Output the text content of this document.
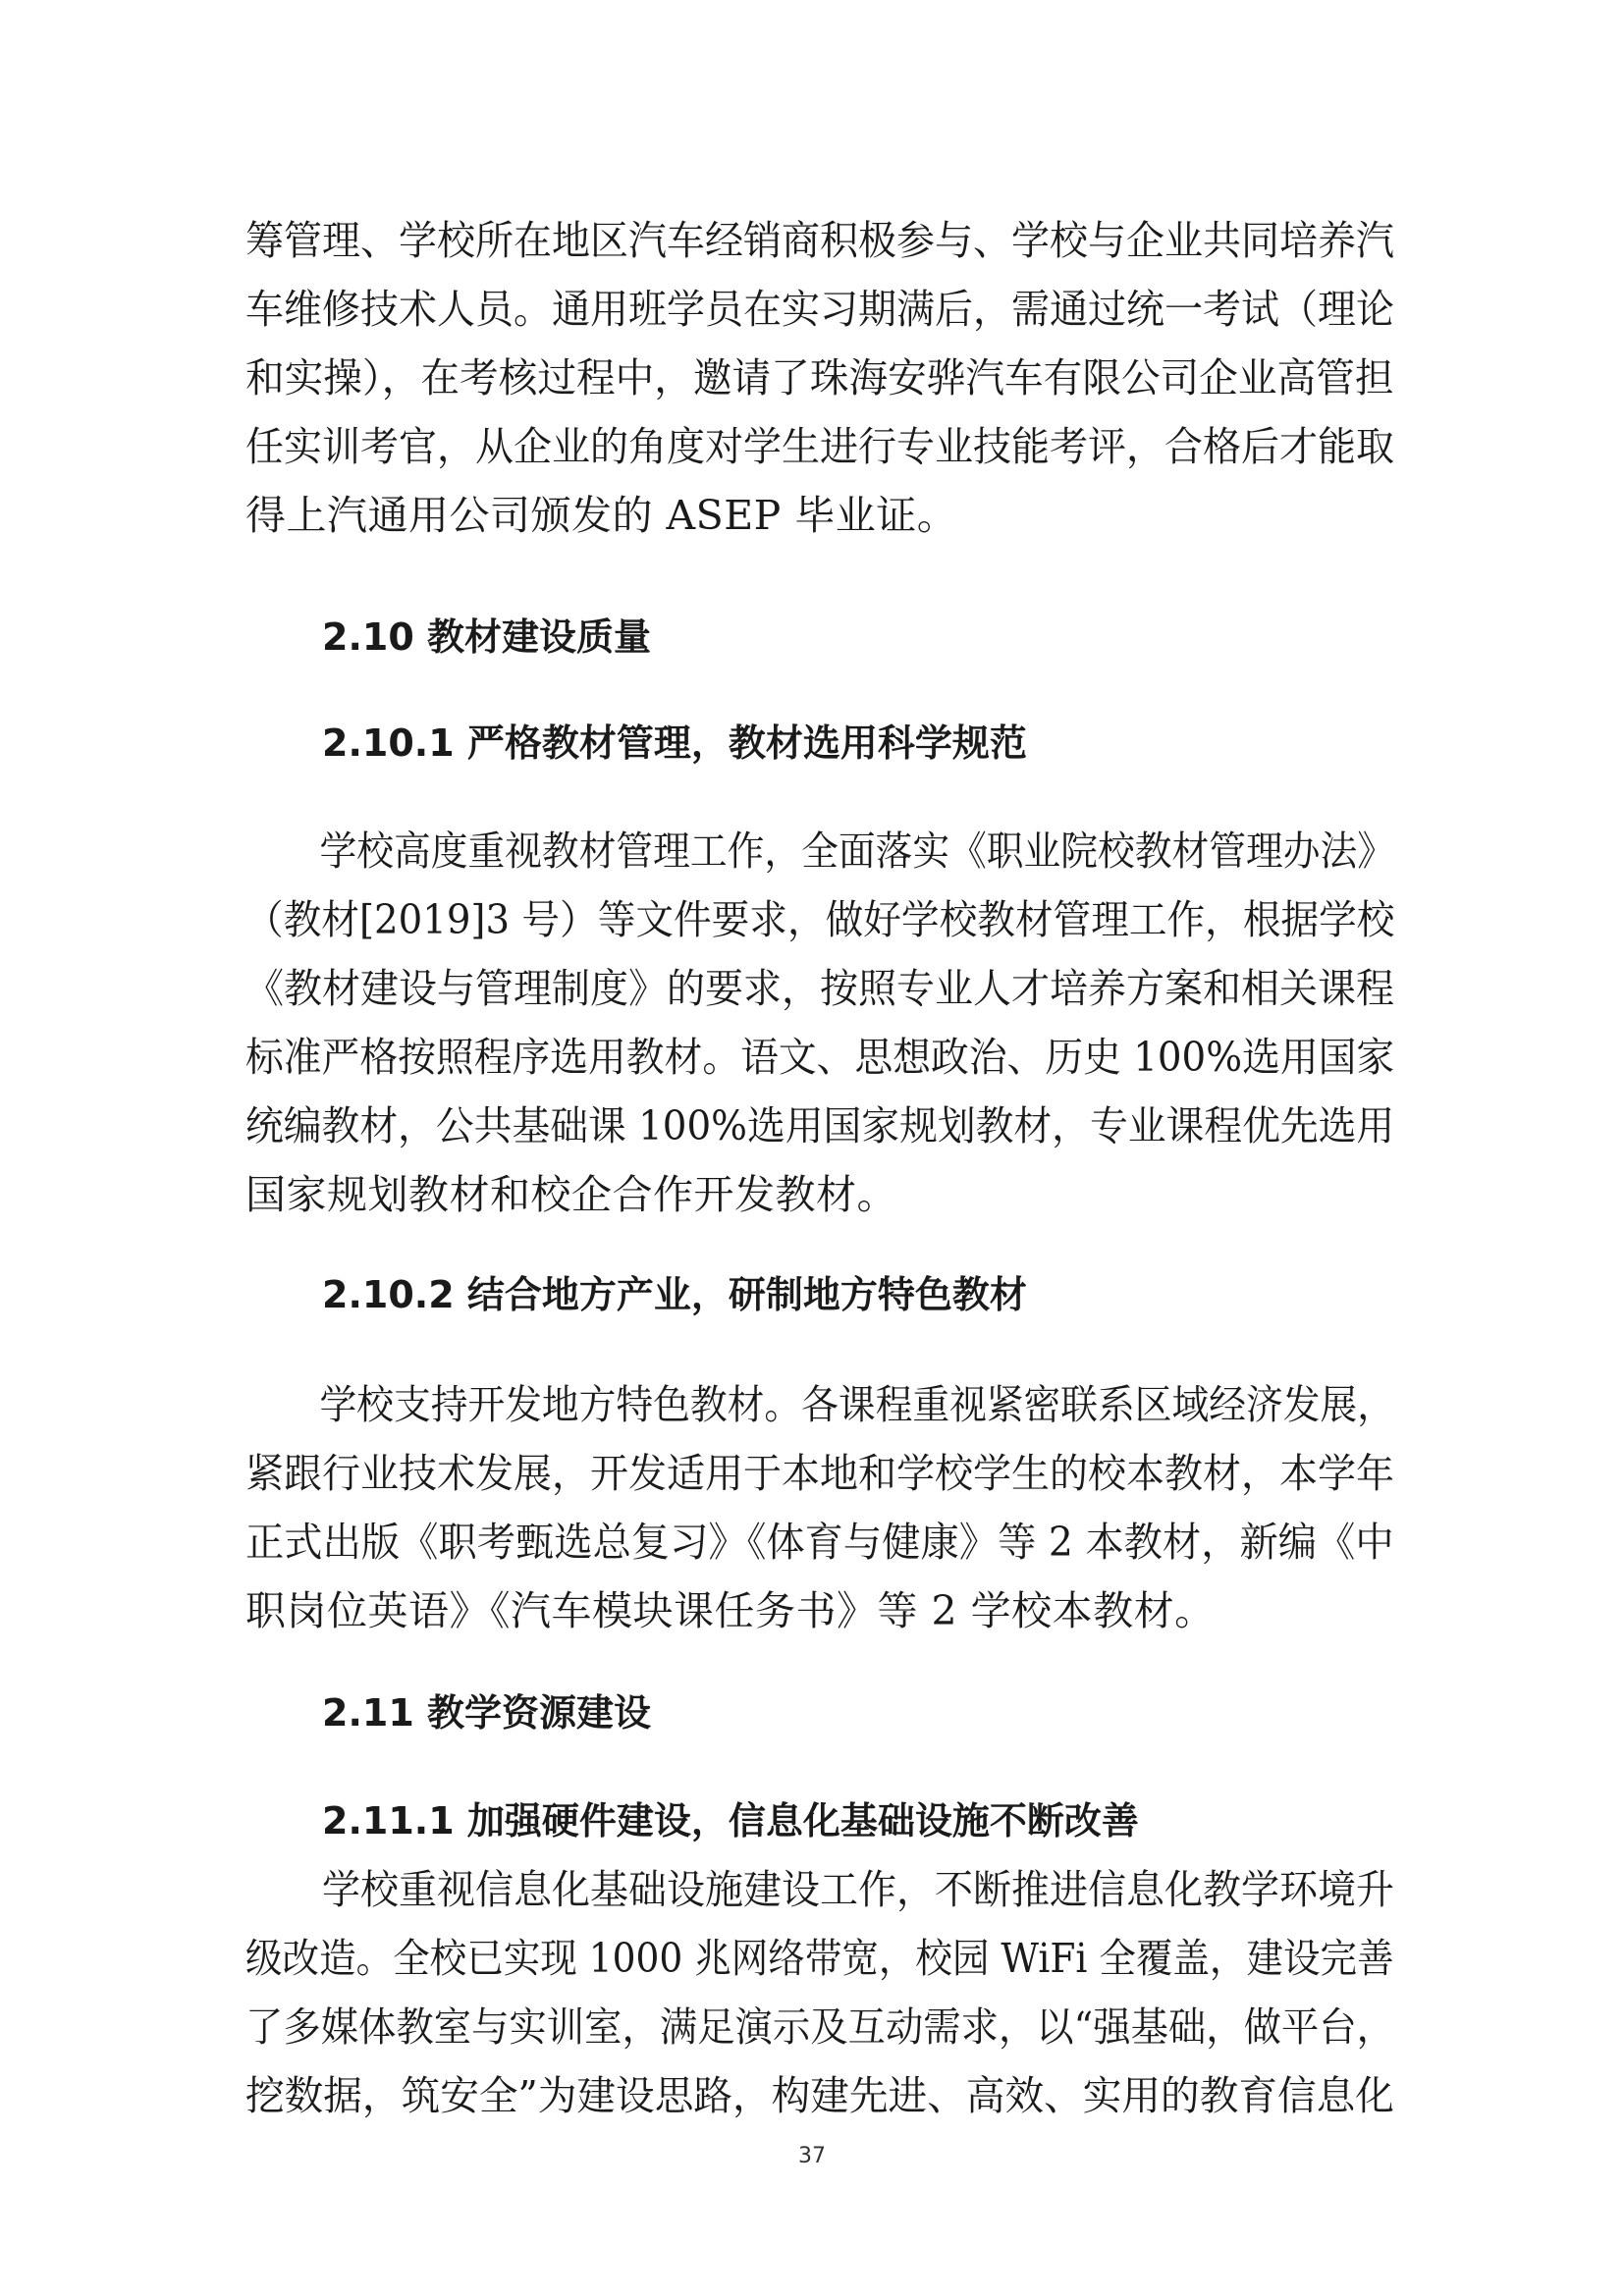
筹管理、学校所在地区汽车经销商积极参与、学校与企业共同培养汽
车维修技术人员。通用班学员在实习期满后，需通过统一考试（理论
和实操），在考核过程中，邀请了珠海安骅汽车有限公司企业高管担
任实训考官，从企业的角度对学生进行专业技能考评，合格后才能取
得上汽通用公司颁发的 ASEP 毕业证。
2.10 教材建设质量
2.10.1 严格教材管理，教材选用科学规范
　　学校高度重视教材管理工作，全面落实《职业院校教材管理办法》
（教材[2019]3 号）等文件要求，做好学校教材管理工作，根据学校
《教材建设与管理制度》的要求，按照专业人才培养方案和相关课程
标准严格按照程序选用教材。语文、思想政治、历史 100%选用国家
统编教材，公共基础课 100%选用国家规划教材，专业课程优先选用
国家规划教材和校企合作开发教材。
2.10.2 结合地方产业，研制地方特色教材
　　学校支持开发地方特色教材。各课程重视紧密联系区域经济发展，
紧跟行业技术发展，开发适用于本地和学校学生的校本教材，本学年
正式出版《职考甄选总复习》《体育与健康》等 2 本教材，新编《中
职岗位英语》《汽车模块课任务书》等 2 学校本教材。
2.11 教学资源建设
2.11.1 加强硬件建设，信息化基础设施不断改善
　　学校重视信息化基础设施建设工作，不断推进信息化教学环境升
级改造。全校已实现 1000 兆网络带宽，校园 WiFi 全覆盖，建设完善
了多媒体教室与实训室，满足演示及互动需求，以“强基础，做平台，
挖数据，筑安全”为建设思路，构建先进、高效、实用的教育信息化
37
